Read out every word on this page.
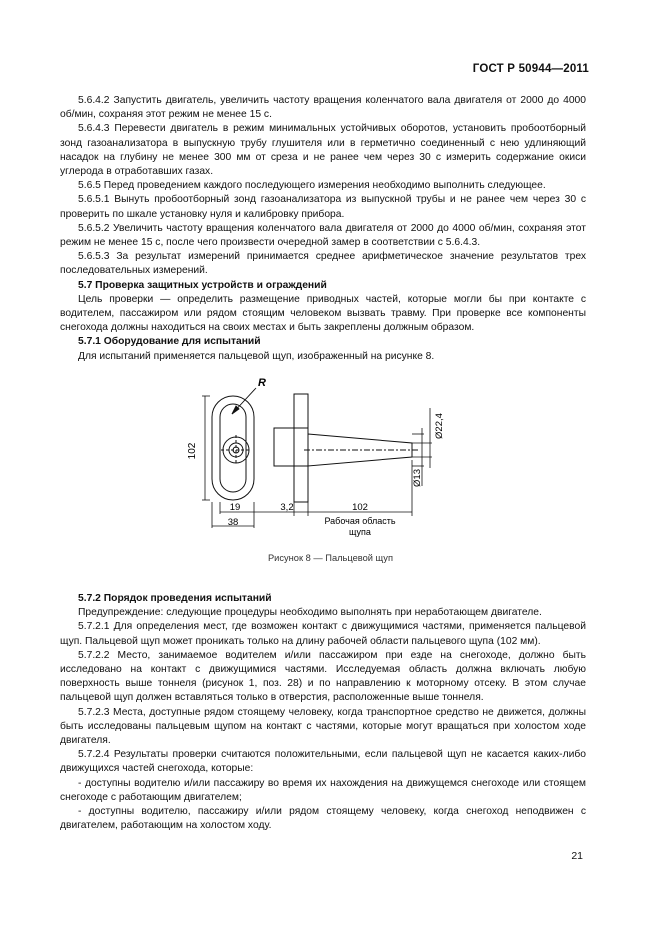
ГОСТ Р 50944—2011

5.6.4.2 Запустить двигатель, увеличить частоту вращения коленчатого вала двигателя от 2000 до 4000 об/мин, сохраняя этот режим не менее 15 с.

5.6.4.3 Перевести двигатель в режим минимальных устойчивых оборотов, установить пробоотборный зонд газоанализатора в выпускную трубу глушителя или в герметично соединенный с нею удлиняющий насадок на глубину не менее 300 мм от среза и не ранее чем через 30 с измерить содержание окиси углерода в отработавших газах.

5.6.5 Перед проведением каждого последующего измерения необходимо выполнить следующее.

5.6.5.1 Вынуть пробоотборный зонд газоанализатора из выпускной трубы и не ранее чем через 30 с проверить по шкале установку нуля и калибровку прибора.

5.6.5.2 Увеличить частоту вращения коленчатого вала двигателя от 2000 до 4000 об/мин, сохраняя этот режим не менее 15 с, после чего произвести очередной замер в соответствии с 5.6.4.3.

5.6.5.3 За результат измерений принимается среднее арифметическое значение результатов трех последовательных измерений.

5.7 Проверка защитных устройств и ограждений

Цель проверки — определить размещение приводных частей, которые могли бы при контакте с водителем, пассажиром или рядом стоящим человеком вызвать травму. При проверке все компоненты снегохода должны находиться на своих местах и быть закреплены должным образом.

5.7.1 Оборудование для испытаний

Для испытаний применяется пальцевой щуп, изображенный на рисунке 8.

R
102
19
38
3,2	102
Рабочая область
щупа
Ø22,4
Ø13
Рисунок 8 — Пальцевой щуп

5.7.2 Порядок проведения испытаний

Предупреждение: следующие процедуры необходимо выполнять при неработающем двигателе.

5.7.2.1 Для определения мест, где возможен контакт с движущимися частями, применяется пальцевой щуп. Пальцевой щуп может проникать только на длину рабочей области пальцевого щупа (102 мм).

5.7.2.2 Место, занимаемое водителем и/или пассажиром при езде на снегоходе, должно быть исследовано на контакт с движущимися частями. Исследуемая область должна включать любую поверхность выше тоннеля (рисунок 1, поз. 28) и по направлению к моторному отсеку. В этом случае пальцевой щуп должен вставляться только в отверстия, расположенные выше тоннеля.

5.7.2.3 Места, доступные рядом стоящему человеку, когда транспортное средство не движется, должны быть исследованы пальцевым щупом на контакт с частями, которые могут вращаться при холостом ходе двигателя.

5.7.2.4 Результаты проверки считаются положительными, если пальцевой щуп не касается каких-либо движущихся частей снегохода, которые:

- доступны водителю и/или пассажиру во время их нахождения на движущемся снегоходе или стоящем снегоходе с работающим двигателем;

- доступны водителю, пассажиру и/или рядом стоящему человеку, когда снегоход неподвижен с двигателем, работающим на холостом ходу.

21
